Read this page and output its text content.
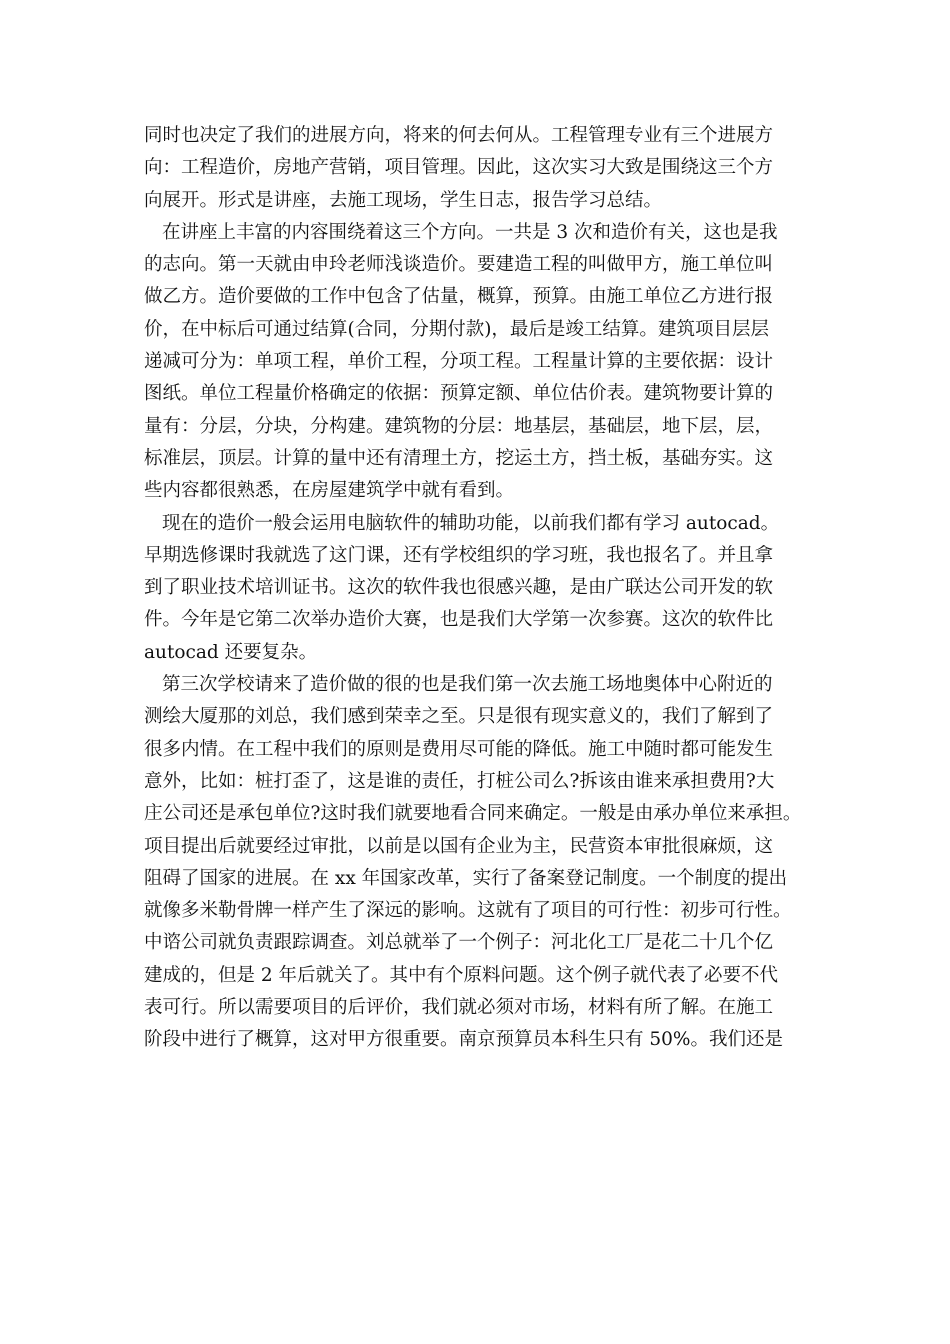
同时也决定了我们的进展方向，将来的何去何从。工程管理专业有三个进展方
向：工程造价，房地产营销，项目管理。因此，这次实习大致是围绕这三个方
向展开。形式是讲座，去施工现场，学生日志，报告学习总结。
在讲座上丰富的内容围绕着这三个方向。一共是 3 次和造价有关，这也是我
的志向。第一天就由申玲老师浅谈造价。要建造工程的叫做甲方，施工单位叫
做乙方。造价要做的工作中包含了估量，概算，预算。由施工单位乙方进行报
价，在中标后可通过结算(合同，分期付款)，最后是竣工结算。建筑项目层层
递减可分为：单项工程，单价工程，分项工程。工程量计算的主要依据：设计
图纸。单位工程量价格确定的依据：预算定额、单位估价表。建筑物要计算的
量有：分层，分块，分构建。建筑物的分层：地基层，基础层，地下层，层，
标准层，顶层。计算的量中还有清理土方，挖运土方，挡土板，基础夯实。这
些内容都很熟悉，在房屋建筑学中就有看到。
现在的造价一般会运用电脑软件的辅助功能，以前我们都有学习 autocad。
早期选修课时我就选了这门课，还有学校组织的学习班，我也报名了。并且拿
到了职业技术培训证书。这次的软件我也很感兴趣，是由广联达公司开发的软
件。今年是它第二次举办造价大赛，也是我们大学第一次参赛。这次的软件比
autocad 还要复杂。
第三次学校请来了造价做的很的也是我们第一次去施工场地奥体中心附近的
测绘大厦那的刘总，我们感到荣幸之至。只是很有现实意义的，我们了解到了
很多内情。在工程中我们的原则是费用尽可能的降低。施工中随时都可能发生
意外，比如：桩打歪了，这是谁的责任，打桩公司么?拆该由谁来承担费用?大
庄公司还是承包单位?这时我们就要地看合同来确定。一般是由承办单位来承担。
项目提出后就要经过审批，以前是以国有企业为主，民营资本审批很麻烦，这
阻碍了国家的进展。在 xx 年国家改革，实行了备案登记制度。一个制度的提出
就像多米勒骨牌一样产生了深远的影响。这就有了项目的可行性：初步可行性。
中谘公司就负责跟踪调查。刘总就举了一个例子：河北化工厂是花二十几个亿
建成的，但是 2 年后就关了。其中有个原料问题。这个例子就代表了必要不代
表可行。所以需要项目的后评价，我们就必须对市场，材料有所了解。在施工
阶段中进行了概算，这对甲方很重要。南京预算员本科生只有 50%。我们还是
